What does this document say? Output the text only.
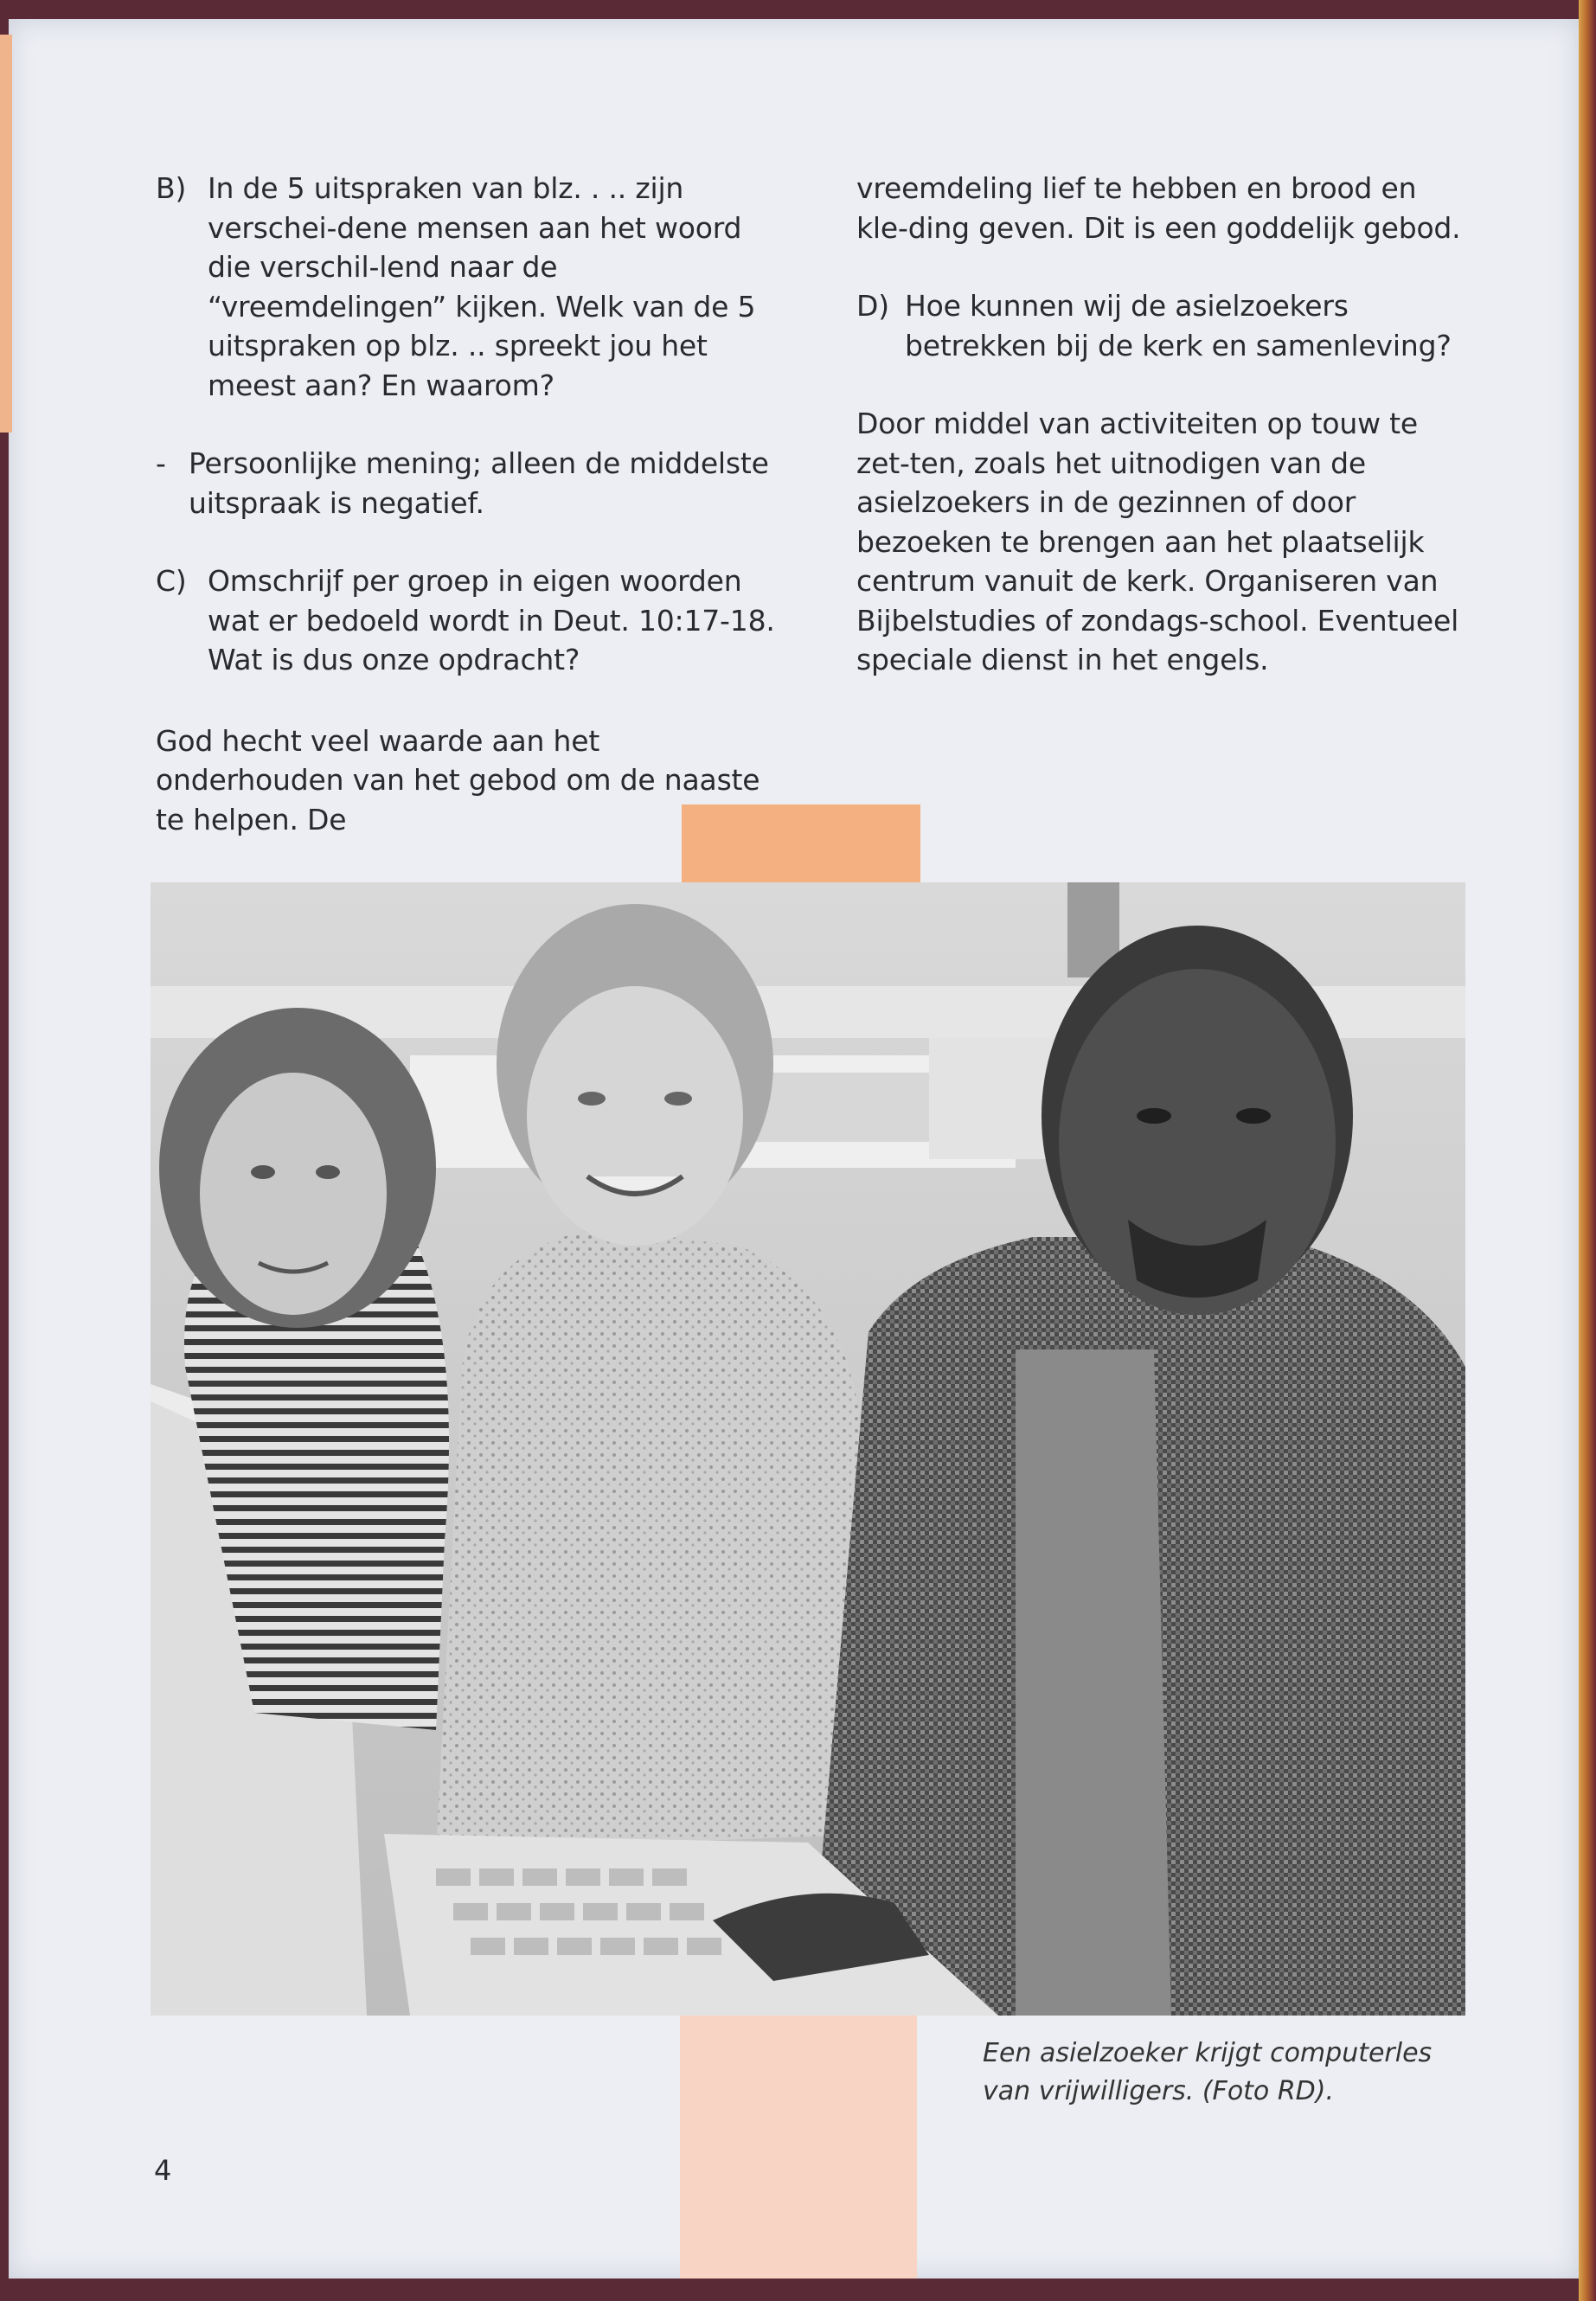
B) In de 5 uitspraken van blz. . .. zijn verschei-dene mensen aan het woord die verschil-lend naar de “vreemdelingen” kijken. Welk van de 5 uitspraken op blz. .. spreekt jou het meest aan? En waarom?
- Persoonlijke mening; alleen de middelste uitspraak is negatief.
C) Omschrijf per groep in eigen woorden wat er bedoeld wordt in Deut. 10:17-18. Wat is dus onze opdracht?

God hecht veel waarde aan het onderhouden van het gebod om de naaste te helpen. De

vreemdeling lief te hebben en brood en kle-ding geven. Dit is een goddelijk gebod.

D) Hoe kunnen wij de asielzoekers betrekken bij de kerk en samenleving?

Door middel van activiteiten op touw te zet-ten, zoals het uitnodigen van de asielzoekers in de gezinnen of door bezoeken te brengen aan het plaatselijk centrum vanuit de kerk. Organiseren van Bijbelstudies of zondags-school. Eventueel speciale dienst in het engels.

Een asielzoeker krijgt computerles van vrijwilligers. (Foto RD).
4
